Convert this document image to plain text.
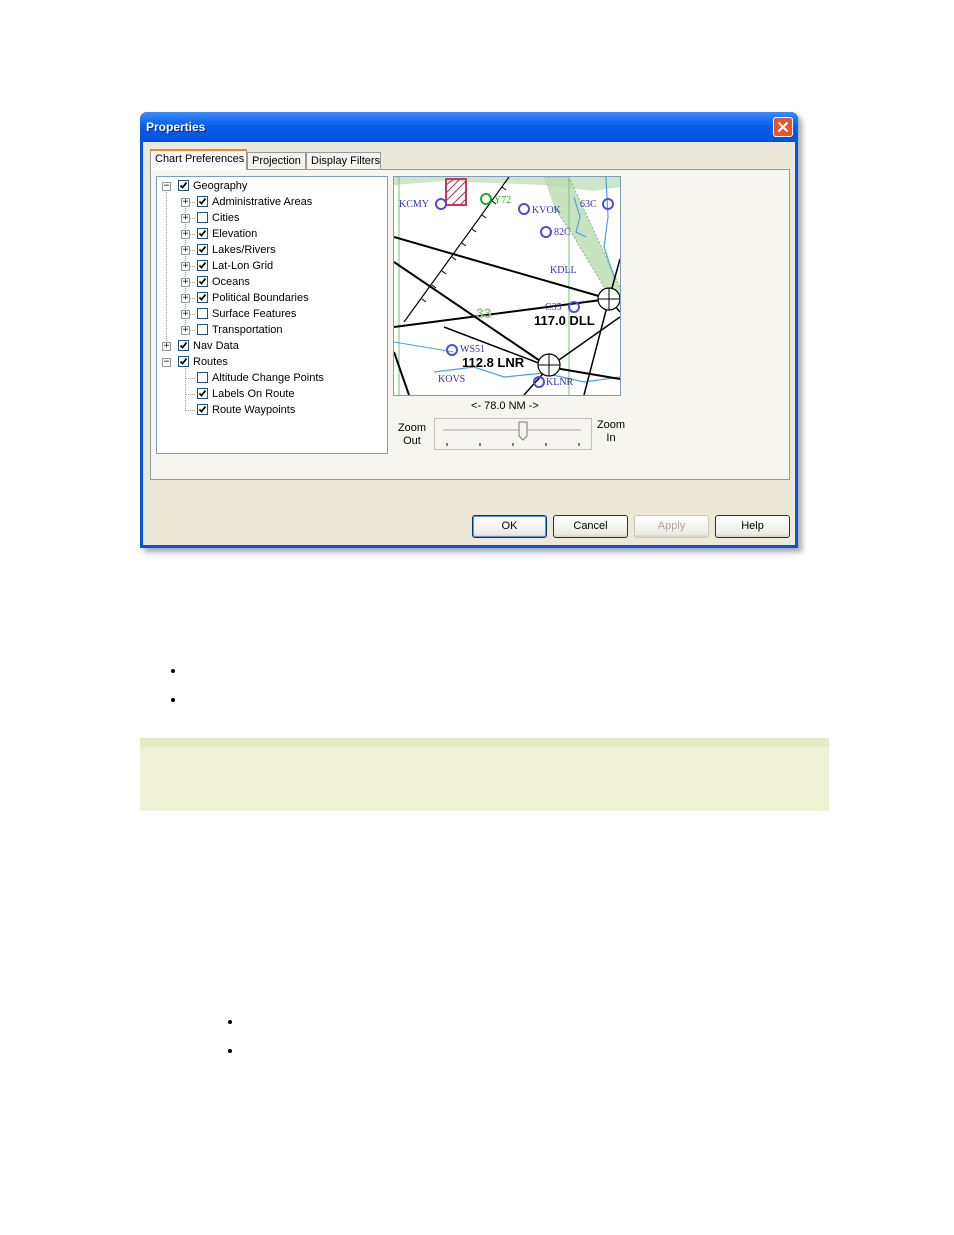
Properties
Chart Preferences Projection Display Filters
− Geography
+ Administrative Areas
+ Cities
+ Elevation
+ Lakes/Rivers
+ Lat-Lon Grid
+ Oceans
+ Political Boundaries
+ Surface Features
+ Transportation
+ Nav Data
− Routes
Altitude Change Points
Labels On Route
Route Waypoints
KCMY
KVOK
63C
82C
KDLL
C35
WS51
KOVS	KLNR
Y72
33	117.0 DLL
112.8 LNR
<- 78.0 NM ->
Zoom
Out
Zoom
In
OK	Cancel	Apply	Help
